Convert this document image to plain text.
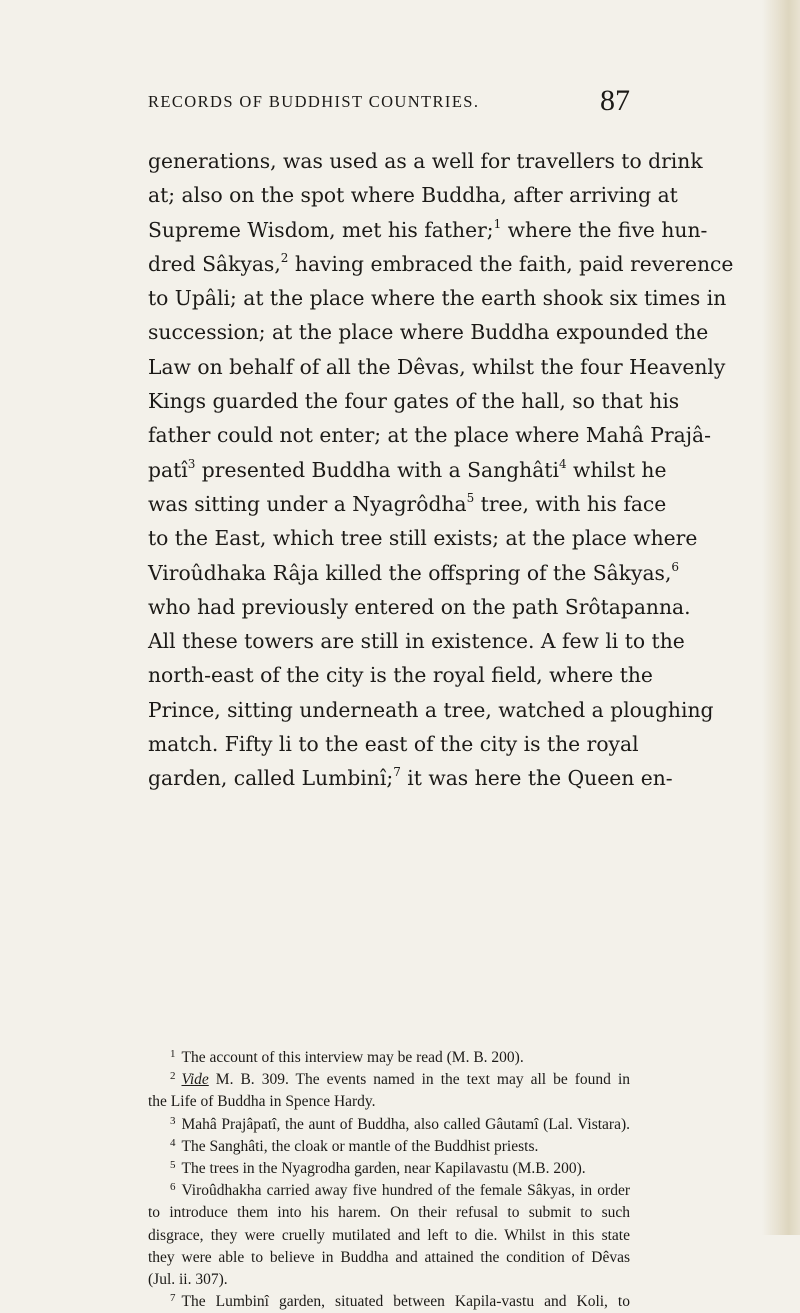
RECORDS OF BUDDHIST COUNTRIES.	87
generations, was used as a well for travellers to drink
at; also on the spot where Buddha, after arriving at
Supreme Wisdom, met his father;$^1$ where the five hun-
dred Sâkyas,$^2$ having embraced the faith, paid reverence
to Upâli; at the place where the earth shook six times in
succession; at the place where Buddha expounded the
Law on behalf of all the Dêvas, whilst the four Heavenly
Kings guarded the four gates of the hall, so that his
father could not enter; at the place where Mahâ Prajâ-
patî$^3$ presented Buddha with a Sanghâti$^4$ whilst he
was sitting under a Nyagrôdha$^5$ tree, with his face
to the East, which tree still exists; at the place where
Viroûdhaka Râja killed the offspring of the Sâkyas,$^6$
who had previously entered on the path Srôtapanna.
All these towers are still in existence. A few li to the
north-east of the city is the royal field, where the
Prince, sitting underneath a tree, watched a ploughing
match. Fifty li to the east of the city is the royal
garden, called Lumbinî;$^7$ it was here the Queen en-
$^1$ The account of this interview may be read (M. B. 200).
$^2$ Vide M. B. 309. The events named in the text may all be found in
the Life of Buddha in Spence Hardy.
$^3$ Mahâ Prajâpatî, the aunt of Buddha, also called Gâutamî (Lal. Vistara).
$^4$ The Sanghâti, the cloak or mantle of the Buddhist priests.
$^5$ The trees in the Nyagrodha garden, near Kapilavastu (M.B. 200).
$^6$ Viroûdhakha carried away five hundred of the female Sâkyas, in order
to introduce them into his harem. On their refusal to submit to such
disgrace, they were cruelly mutilated and left to die. Whilst in this state
they were able to believe in Buddha and attained the condition of Dêvas
(Jul. ii. 307).
$^7$ The Lumbinî garden, situated between Kapila-vastu and Koli, to
